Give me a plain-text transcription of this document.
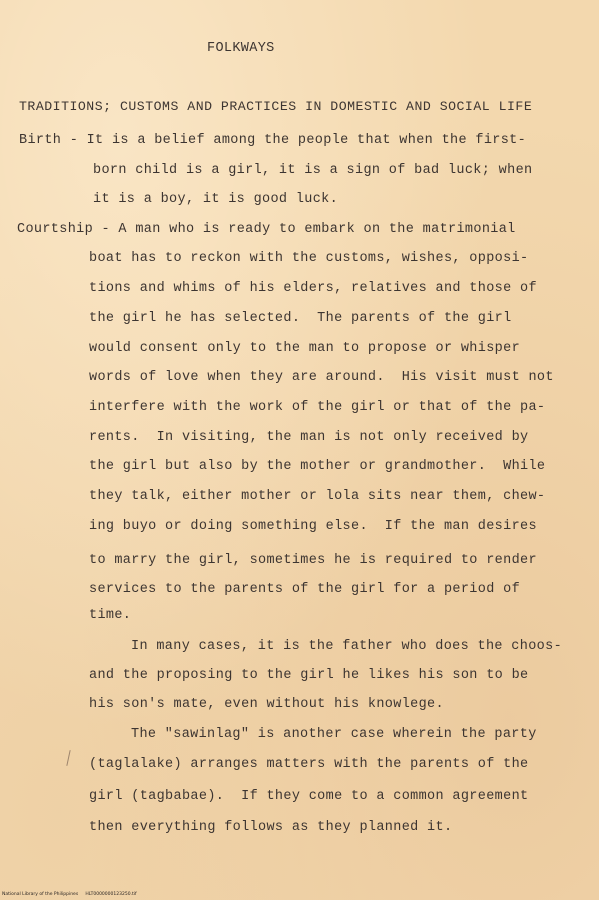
FOLKWAYS
TRADITIONS; CUSTOMS AND PRACTICES IN DOMESTIC AND SOCIAL LIFE
Birth - It is a belief among the people that when the first-
born child is a girl, it is a sign of bad luck; when
it is a boy, it is good luck.
Courtship - A man who is ready to embark on the matrimonial
boat has to reckon with the customs, wishes, opposi-
tions and whims of his elders, relatives and those of
the girl he has selected.  The parents of the girl
would consent only to the man to propose or whisper
words of love when they are around.  His visit must not
interfere with the work of the girl or that of the pa-
rents.  In visiting, the man is not only received by
the girl but also by the mother or grandmother.  While
they talk, either mother or lola sits near them, chew-
ing buyo or doing something else.  If the man desires
to marry the girl, sometimes he is required to render
services to the parents of the girl for a period of
time.
In many cases, it is the father who does the choos-
and the proposing to the girl he likes his son to be
his son's mate, even without his knowlege.
The "sawinlag" is another case wherein the party
(taglalake) arranges matters with the parents of the
girl (tagbabae).  If they come to a common agreement
then everything follows as they planned it.
National Library of the Philippines     HLT0000000123250.tif
